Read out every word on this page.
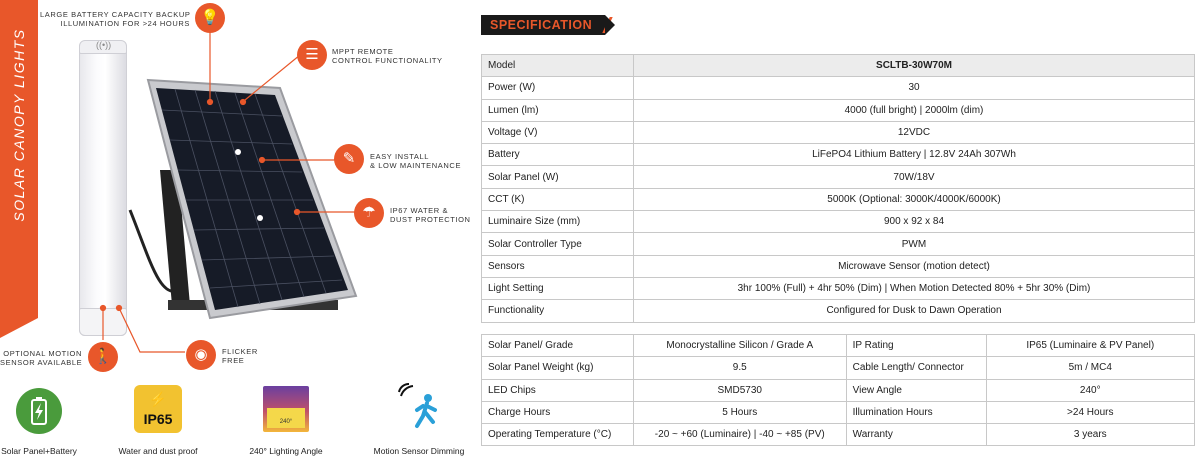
SOLAR CANOPY LIGHTS	((•))
💡
LARGE BATTERY CAPACITY BACKUP
ILLUMINATION FOR >24 HOURS
☰	MPPT REMOTE
CONTROL FUNCTIONALITY
✎	EASY INSTALL
& LOW MAINTENANCE
☂	IP67 WATER &
DUST PROTECTION
🚶
OPTIONAL MOTION
SENSOR AVAILABLE	◉	FLICKER
FREE
Solar Panel+Battery
⚡
IP65
Water and dust proof
240°
240° Lighting Angle	Motion Sensor Dimming
SPECIFICATION
Model	SCLTB-30W70M
Power (W)	30
Lumen (lm)	4000 (full bright) | 2000lm (dim)
Voltage (V)	12VDC
Battery	LiFePO4 Lithium Battery | 12.8V 24Ah 307Wh
Solar Panel (W)	70W/18V
CCT (K)	5000K (Optional: 3000K/4000K/6000K)
Luminaire Size (mm)	900 x 92 x 84
Solar Controller Type	PWM
Sensors	Microwave Sensor (motion detect)
Light Setting	3hr 100% (Full) + 4hr 50% (Dim) | When Motion Detected 80% + 5hr 30% (Dim)
Functionality	Configured for Dusk to Dawn Operation
Solar Panel/ Grade	Monocrystalline Silicon / Grade A	IP Rating	IP65 (Luminaire & PV Panel)
Solar Panel Weight (kg)	9.5	Cable Length/ Connector	5m / MC4
LED Chips	SMD5730	View Angle	240°
Charge Hours	5 Hours	Illumination Hours	>24 Hours
Operating Temperature (°C)	-20 ~ +60 (Luminaire) | -40 ~ +85 (PV)	Warranty	3 years
